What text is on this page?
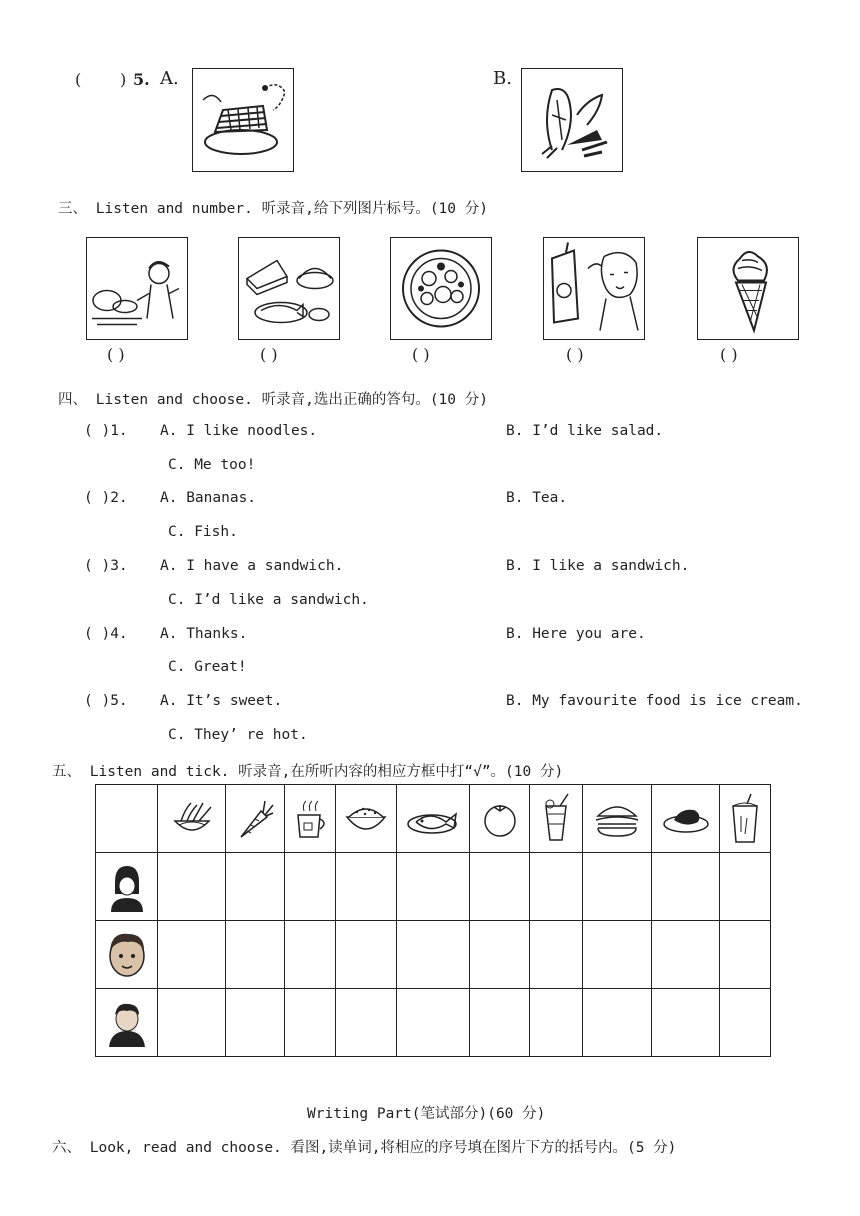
( ) 5. A.	B.
三、 Listen and number. 听录音,给下列图片标号。(10 分)
( )	( )	( )	( )	( )
四、 Listen and choose. 听录音,选出正确的答句。(10 分)
( )1. A. I like noodles.	B. I’d like salad.
C. Me too!
( )2. A. Bananas.	B. Tea.
C. Fish.
( )3. A. I have a sandwich.	B. I like a sandwich.
C. I’d like a sandwich.
( )4. A. Thanks.	B. Here you are.
C. Great!
( )5. A. It’s sweet.	B. My favourite food is ice cream.
C. They’ re hot.
五、 Listen and tick. 听录音,在所听内容的相应方框中打“√”。(10 分)

Writing Part(笔试部分)(60 分)
六、 Look, read and choose. 看图,读单词,将相应的序号填在图片下方的括号内。(5 分)
